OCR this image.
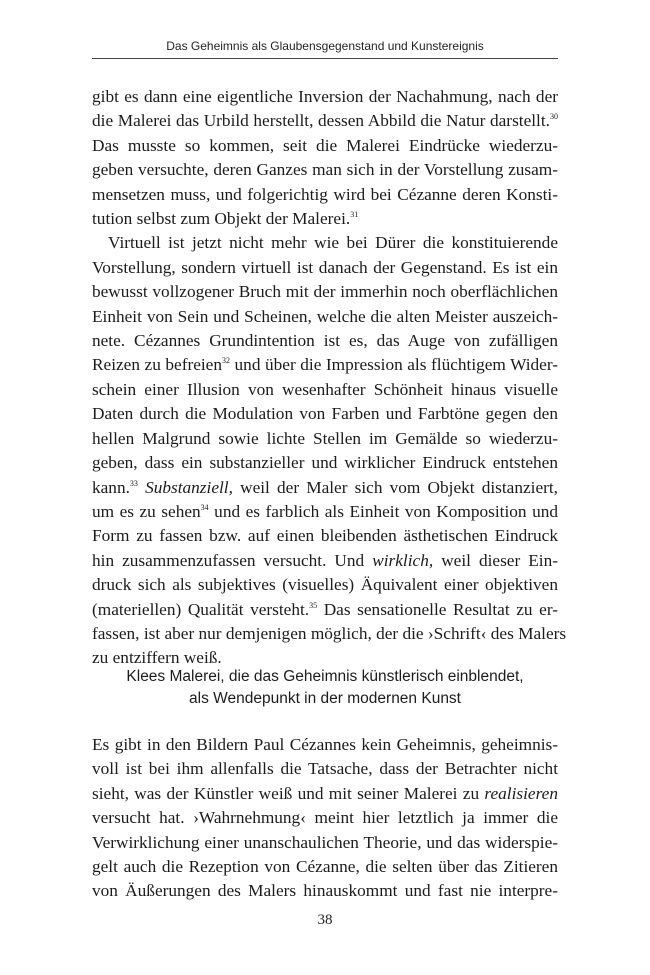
Das Geheimnis als Glaubensgegenstand und Kunstereignis
gibt es dann eine eigentliche Inversion der Nachahmung, nach der
die Malerei das Urbild herstellt, dessen Abbild die Natur darstellt.$^{30}$
Das musste so kommen, seit die Malerei Eindrücke wiederzu-
geben versuchte, deren Ganzes man sich in der Vorstellung zusam-
mensetzen muss, und folgerichtig wird bei Cézanne deren Konsti-
tution selbst zum Objekt der Malerei.$^{31}$
Virtuell ist jetzt nicht mehr wie bei Dürer die konstituierende
Vorstellung, sondern virtuell ist danach der Gegenstand. Es ist ein
bewusst vollzogener Bruch mit der immerhin noch oberflächlichen
Einheit von Sein und Scheinen, welche die alten Meister auszeich-
nete. Cézannes Grundintention ist es, das Auge von zufälligen
Reizen zu befreien$^{32}$ und über die Impression als flüchtigem Wider-
schein einer Illusion von wesenhafter Schönheit hinaus visuelle
Daten durch die Modulation von Farben und Farbtöne gegen den
hellen Malgrund sowie lichte Stellen im Gemälde so wiederzu-
geben, dass ein substanzieller und wirklicher Eindruck entstehen
kann.$^{33}$ Substanziell, weil der Maler sich vom Objekt distanziert,
um es zu sehen$^{34}$ und es farblich als Einheit von Komposition und
Form zu fassen bzw. auf einen bleibenden ästhetischen Eindruck
hin zusammenzufassen versucht. Und wirklich, weil dieser Ein-
druck sich als subjektives (visuelles) Äquivalent einer objektiven
(materiellen) Qualität versteht.$^{35}$ Das sensationelle Resultat zu er-
fassen, ist aber nur demjenigen möglich, der die ›Schrift‹ des Malers
zu entziffern weiß.
Klees Malerei, die das Geheimnis künstlerisch einblendet,
als Wendepunkt in der modernen Kunst
Es gibt in den Bildern Paul Cézannes kein Geheimnis, geheimnis-
voll ist bei ihm allenfalls die Tatsache, dass der Betrachter nicht
sieht, was der Künstler weiß und mit seiner Malerei zu realisieren
versucht hat. ›Wahrnehmung‹ meint hier letztlich ja immer die
Verwirklichung einer unanschaulichen Theorie, und das widerspie-
gelt auch die Rezeption von Cézanne, die selten über das Zitieren
von Äußerungen des Malers hinauskommt und fast nie interpre-
38
